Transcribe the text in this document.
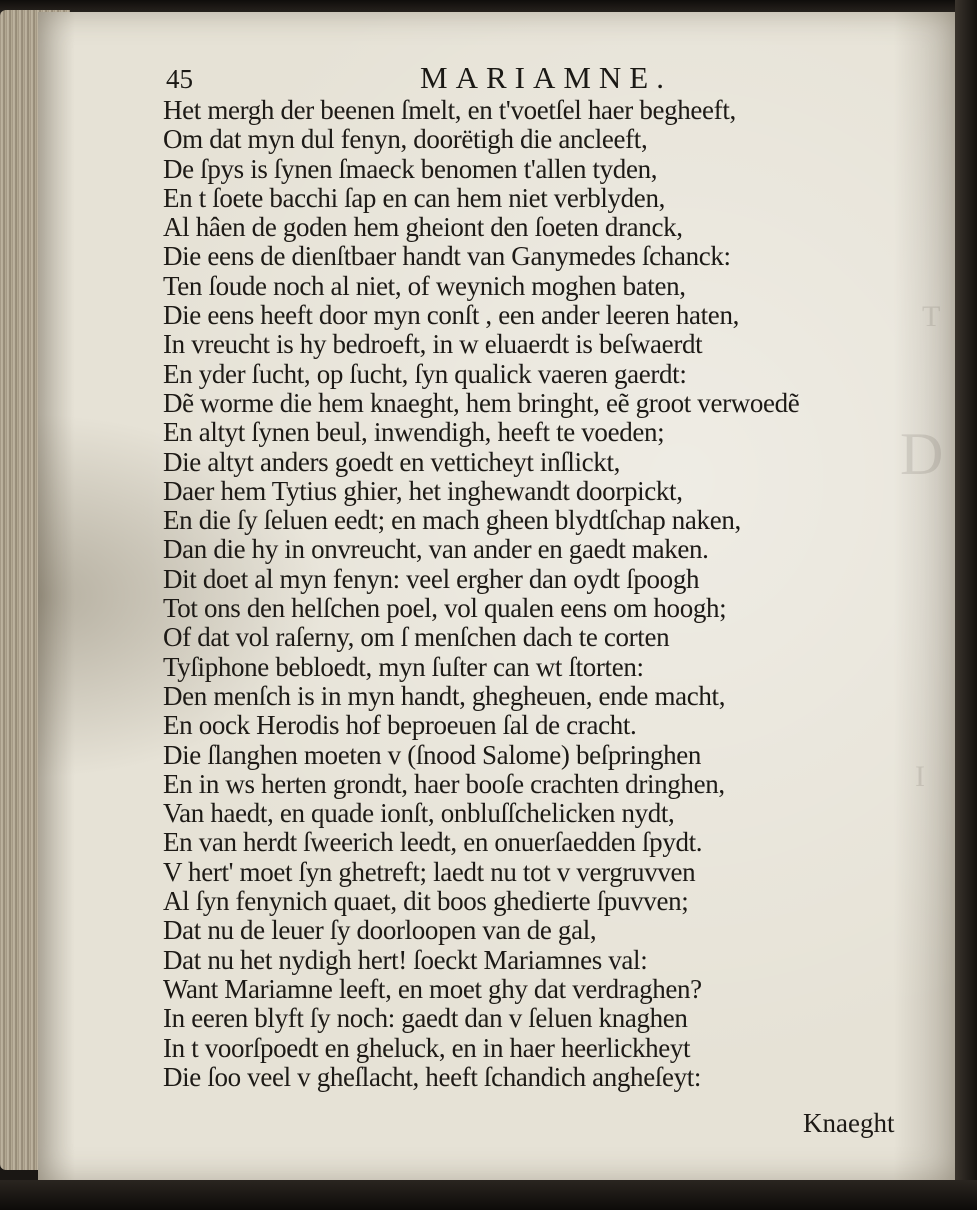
T
D
I
45	MARIAMNE.
Het mergh der beenen ſmelt, en t'voetſel haer begheeft,
Om dat myn dul fenyn, doorëtigh die ancleeft,
De ſpys is ſynen ſmaeck benomen t'allen tyden,
En t ſoete bacchi ſap en can hem niet verblyden,
Al hâen de goden hem gheiont den ſoeten dranck,
Die eens de dienſtbaer handt van Ganymedes ſchanck:
Ten ſoude noch al niet, of weynich moghen baten,
Die eens heeft door myn conſt , een ander leeren haten,
In vreucht is hy bedroeft, in w eluaerdt is beſwaerdt
En yder ſucht, op ſucht, ſyn qualick vaeren gaerdt:
Dẽ worme die hem knaeght, hem bringht, eẽ groot verwoedẽ
En altyt ſynen beul, inwendigh, heeft te voeden;
Die altyt anders goedt en vetticheyt inſlickt,
Daer hem Tytius ghier, het inghewandt doorpickt,
En die ſy ſeluen eedt; en mach gheen blydtſchap naken,
Dan die hy in onvreucht, van ander en gaedt maken.
Dit doet al myn fenyn: veel ergher dan oydt ſpoogh
Tot ons den helſchen poel, vol qualen eens om hoogh;
Of dat vol raſerny, om ſ menſchen dach te corten
Tyſiphone bebloedt, myn ſuſter can wt ſtorten:
Den menſch is in myn handt, ghegheuen, ende macht,
En oock Herodis hof beproeuen ſal de cracht.
Die ſlanghen moeten v (ſnood Salome) beſpringhen
En in ws herten grondt, haer booſe crachten dringhen,
Van haedt, en quade ionſt, onbluſſchelicken nydt,
En van herdt ſweerich leedt, en onuerſaedden ſpydt.
V hert' moet ſyn ghetreft; laedt nu tot v vergruvven
Al ſyn fenynich quaet, dit boos ghedierte ſpuvven;
Dat nu de leuer ſy doorloopen van de gal,
Dat nu het nydigh hert! ſoeckt Mariamnes val:
Want Mariamne leeft, en moet ghy dat verdraghen?
In eeren blyft ſy noch: gaedt dan v ſeluen knaghen
In t voorſpoedt en gheluck, en in haer heerlickheyt
Die ſoo veel v gheſlacht, heeft ſchandich angheſeyt:
Knaeght
